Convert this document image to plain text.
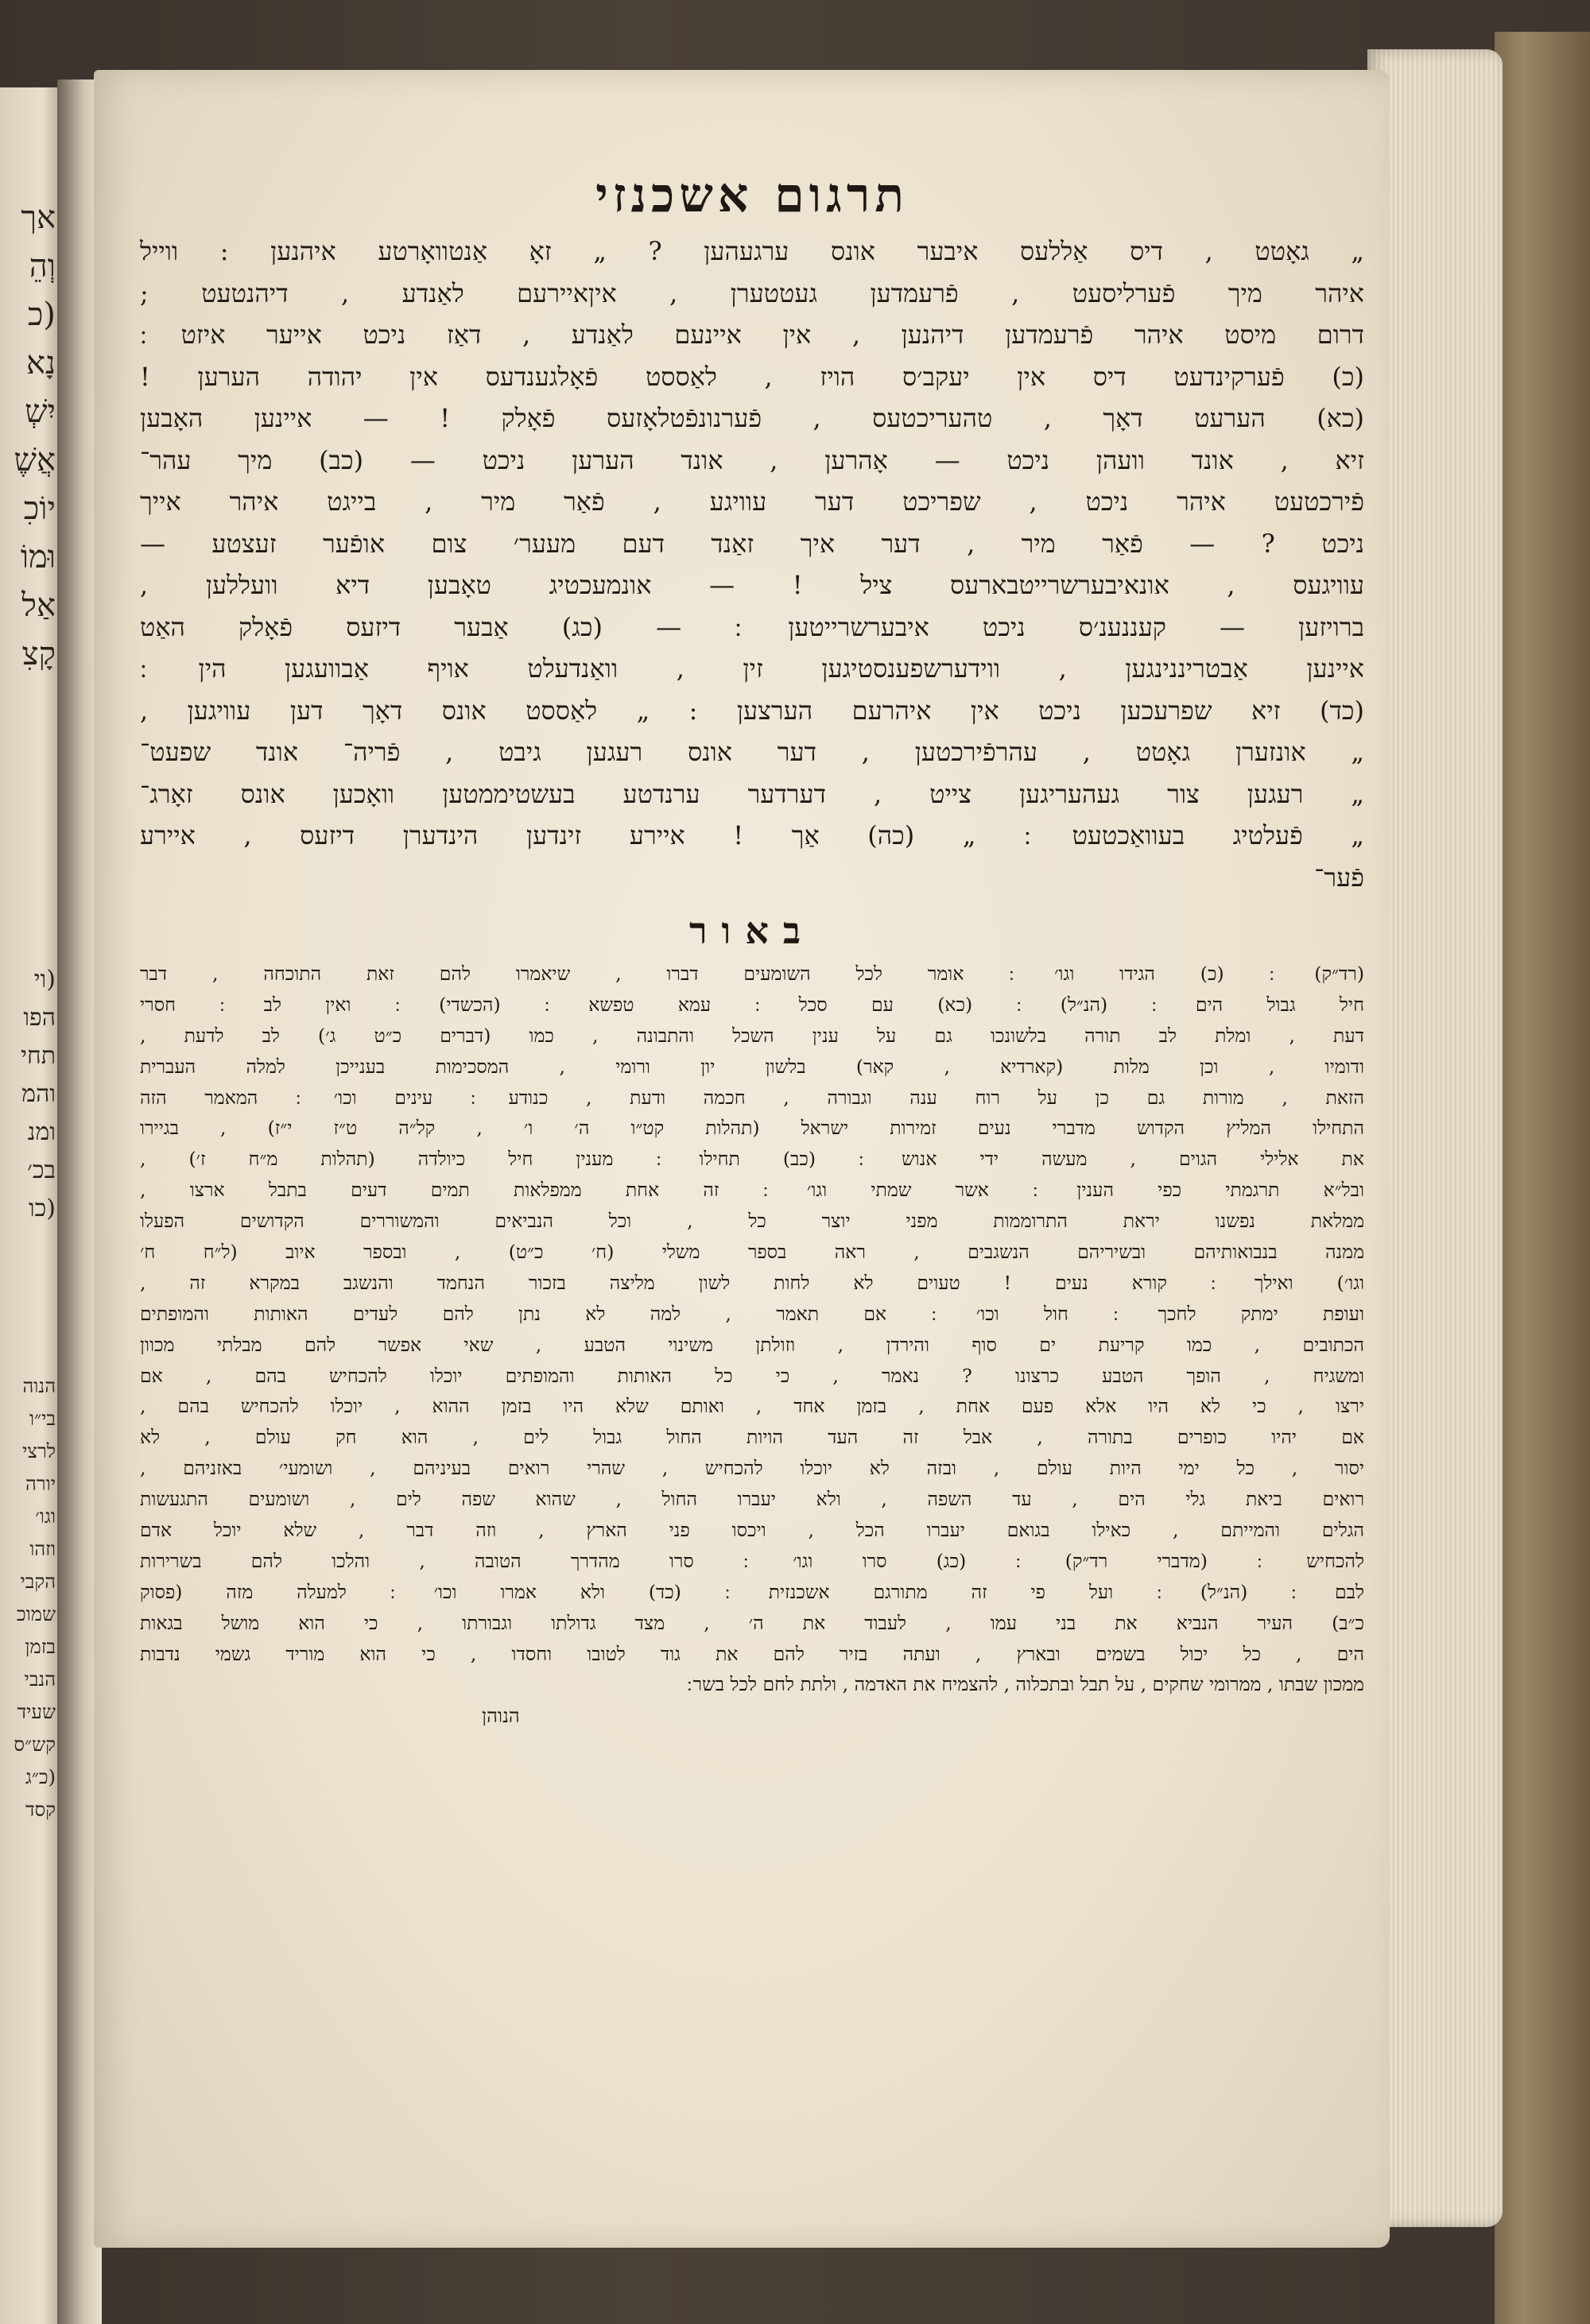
אך
וְהֵ
(כ
נָא
יִשְׁ
אֲשֶׁ
יוֹכִ
וּמוֹ
אַל
קָצִ
(וי
הפו
תחי
והמ
ומנ
בכ׳
(כו
הנוה
בי״ו
לרצי
יורה
וגו׳
וזהו
הקבי
שמוכ
בזמן
הנבי
שעיד
קש״ס
(כ״ג
קסד
תרגום אשכנזי
„ גאָטט , דיס אַללעס איבער אונס ערגעהען ? „ זאָ אַנטוואָרטע איהנען : ווייל
איהר מיך פֿערליסעט , פֿרעמדען געטטערן , איןאיירעם לאַנדע , דיהנטעט ;
דרום מיסט איהר פֿרעמדען דיהנען , אין איינעם לאַנדע , דאַז ניכט אייער איזט ׃
(כ) פֿערקינדעט דיס אין יעקב׳ס הויז , לאַססט פֿאָלגענדעס אין יהודה הערען !
(כא) הערעט דאָך , טהעריכטעס , פֿערנונפֿטלאָזעס פֿאָלק ! — איינען האָבען
זיא , אונד וועהן ניכט — אָהרען , אונד הערען ניכט — (כב) מיך עהר־
פֿירכטעט איהר ניכט , שפריכט דער עוויגע , פֿאַר מיר , בייגט איהר אייך
ניכט ? — פֿאַר מיר , דער איך זאַנד דעם מעער׳ צום אופֿער זעצטע —
עוויגעס , אונאיבערשרייטבארעס ציל ! — אונמעכטיג טאָבען דיא וועללען ,
ברויזען — קעננענ׳ס ניכט איבערשרייטען ׃ — (כג) אַבער דיזעס פֿאָלק האַט
איינען אַבטריננינגען , ווידערשפענסטיגען זין , וואַנדעלט אויף אַבוועגען הין ׃
(כד) זיא שפרעכען ניכט אין איהרעם הערצען : „ לאַססט אונס דאָך דען עוויגען ,
„ אונזערן גאָטט , עהרפֿירכטען , דער אונס רעגען גיבט , פֿריה־ אונד שפעט־
„ רעגען צור געהעריגען צייט , דערדער ערנדטע בעשטיממטען וואָכען אונס זאָרג־
„ פֿעלטיג בעוואַכטעט ׃ „ (כה) אַך ! איירע זינדען הינדערן דיזעס , איירע
פֿער־
באור
(רד״ק) ׃ (כ) הגידו וגו׳ ׃ אומר לכל השומעים דברו , שיאמרו להם זאת התוכחה , דבר
חיל גבול הים ׃ (הנ״ל) ׃ (כא) עם סכל ׃ עמא טפשא ׃ (הכשדי) ׃ ואין לב ׃ חסרי
דעת , ומלת לב תורה בלשונכו גם על ענין השכל והתבונה , כמו (דברים כ״ט ג׳) לב לדעת ,
ודומיו , וכן מלות (קארדיא , קאר) בלשון יון ורומי , המסכימות בענייכן למלה העברית
הזאת , מורות גם כן על רוח ענה וגבורה , חכמה ודעת , כנודע ׃ עינים וכו׳ ׃ המאמר הזה
התחילו המליץ הקדוש מדברי נעים זמירות ישראל (תהלות קט״ו ה׳ ו׳ , קל״ה ט״ז י״ז) , בגיירו
את אלילי הגוים , מעשה ידי אנוש ׃ (כב) תחילו ׃ מענין חיל כיולדה (תהלות מ״ח ז׳) ,
ובל״א תרגמתי כפי הענין ׃ אשר שמתי וגו׳ ׃ זה אחת ממפלאות תמים דעים בתבל ארצו ,
ממלאת נפשנו יראת התרוממות מפני יוצר כל , וכל הנביאים והמשוררים הקדושים הפעלו
ממנה בנבואותיהם ובשיריהם הנשגבים , ראה בספר משלי (ח׳ כ״ט) , ובספר איוב (ל״ח ח׳
וגו׳) ואילך ׃ קורא נעים ! טעוים לא לחות לשון מליצה בזכור הנחמד והנשגב במקרא זה ,
ועופת ימתק לחכך ׃ חול וכו׳ ׃ אם תאמר , למה לא נתן להם לעדים האותות והמופתים
הכתובים , כמו קריעת ים סוף והירדן , וזולתן משינוי הטבע , שאי אפשר להם מבלתי מכוון
ומשגיח , הופך הטבע כרצונו ? נאמר , כי כל האותות והמופתים יוכלו להכחיש בהם , אם
ירצו , כי לא היו אלא פעם אחת , בזמן אחד , ואותם שלא היו בזמן ההוא , יוכלו להכחיש בהם ,
אם יהיו כופרים בתורה , אבל זה העד הויות החול גבול לים , הוא חק עולם , לא
יסור , כל ימי היות עולם , ובזה לא יוכלו להכחיש , שהרי רואים בעיניהם , ושומעי׳ באזניהם ,
רואים ביאת גלי הים , עד השפה , ולא יעברו החול , שהוא שפה לים , ושומעים התגעשות
הגלים והמייתם , כאילו בגואם יעברו הכל , ויכסו פני הארץ , וזה דבר , שלא יוכל אדם
להכחיש ׃ (מדברי רד״ק) ׃ (כג) סרו וגו׳ ׃ סרו מהדרך הטובה , והלכו להם בשרירות
לבם ׃ (הנ״ל) ׃ ועל פי זה מתורגם אשכנזית ׃ (כד) ולא אמרו וכו׳ ׃ למעלה מזה (פסוק
כ״ב) העיר הנביא את בני עמו , לעבוד את ה׳ , מצד גדולתו וגבורתו , כי הוא מושל בגאות
הים , כל יכול בשמים ובארץ , ועתה בזיר להם את גוד לטובו וחסדו , כי הוא מוריד גשמי נדבות
ממכון שבתו , ממרומי שחקים , על תבל ובתכלוה , להצמיח את האדמה , ולתת לחם לכל בשר ׃
הנוהן
